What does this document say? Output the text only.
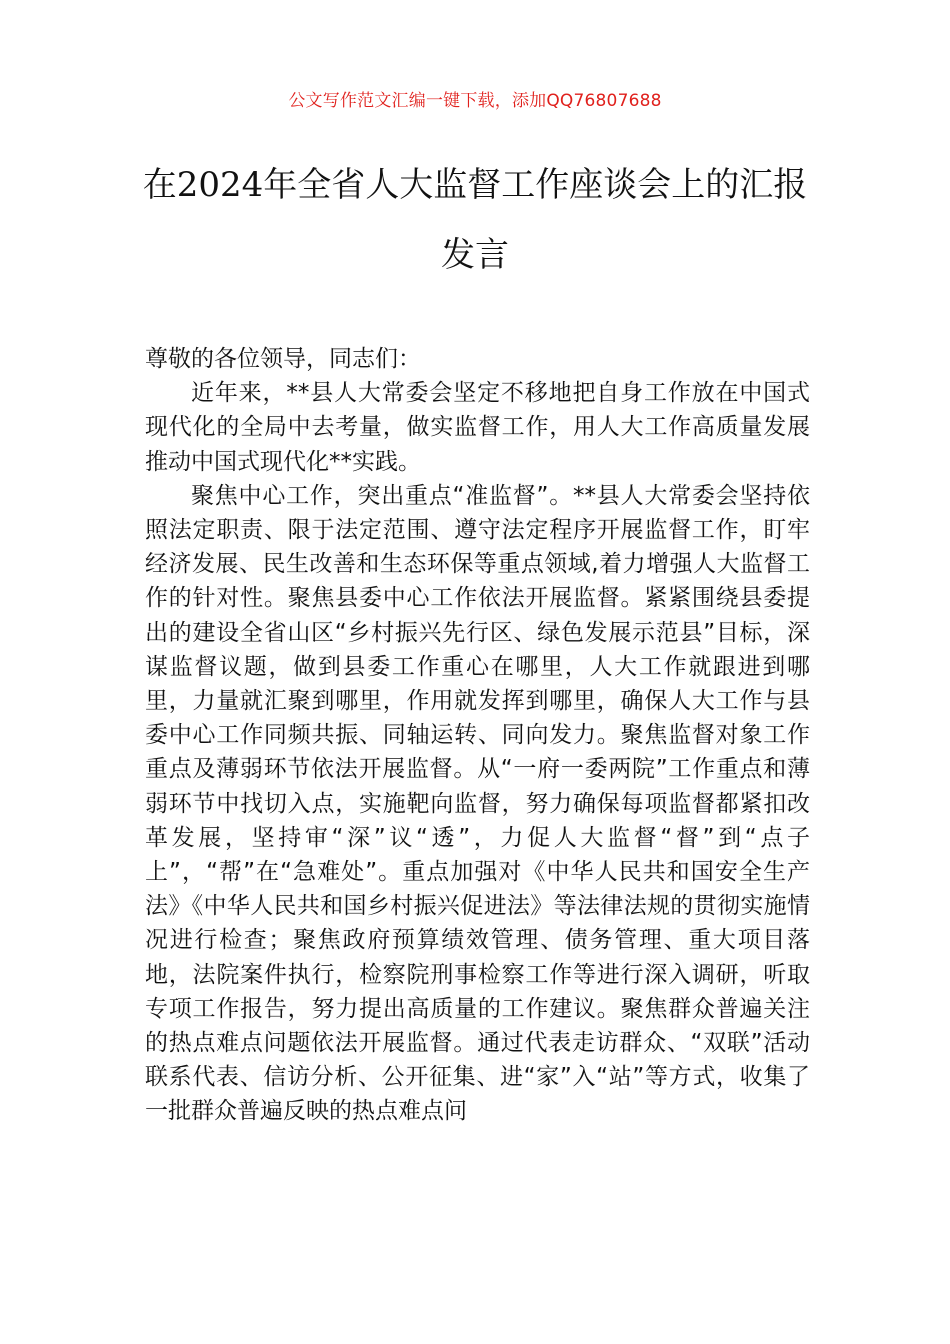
公文写作范文汇编一键下载，添加QQ76807688
在2024年全省人大监督工作座谈会上的汇报发言

尊敬的各位领导，同志们：

近年来，**县人大常委会坚定不移地把自身工作放在中国式现代化的全局中去考量，做实监督工作，用人大工作高质量发展推动中国式现代化**实践。

聚焦中心工作，突出重点“准监督”。**县人大常委会坚持依照法定职责、限于法定范围、遵守法定程序开展监督工作，盯牢经济发展、民生改善和生态环保等重点领域,着力增强人大监督工作的针对性。聚焦县委中心工作依法开展监督。紧紧围绕县委提出的建设全省山区“乡村振兴先行区、绿色发展示范县”目标，深谋监督议题，做到县委工作重心在哪里，人大工作就跟进到哪里，力量就汇聚到哪里，作用就发挥到哪里，确保人大工作与县委中心工作同频共振、同轴运转、同向发力。聚焦监督对象工作重点及薄弱环节依法开展监督。从“一府一委两院”工作重点和薄弱环节中找切入点，实施靶向监督，努力确保每项监督都紧扣改革发展，坚持审“深”议“透”，力促人大监督“督”到“点子上”，“帮”在“急难处”。重点加强对《中华人民共和国安全生产法》《中华人民共和国乡村振兴促进法》等法律法规的贯彻实施情况进行检查；聚焦政府预算绩效管理、债务管理、重大项目落地，法院案件执行，检察院刑事检察工作等进行深入调研，听取专项工作报告，努力提出高质量的工作建议。聚焦群众普遍关注的热点难点问题依法开展监督。通过代表走访群众、“双联”活动联系代表、信访分析、公开征集、进“家”入“站”等方式，收集了一批群众普遍反映的热点难点问
